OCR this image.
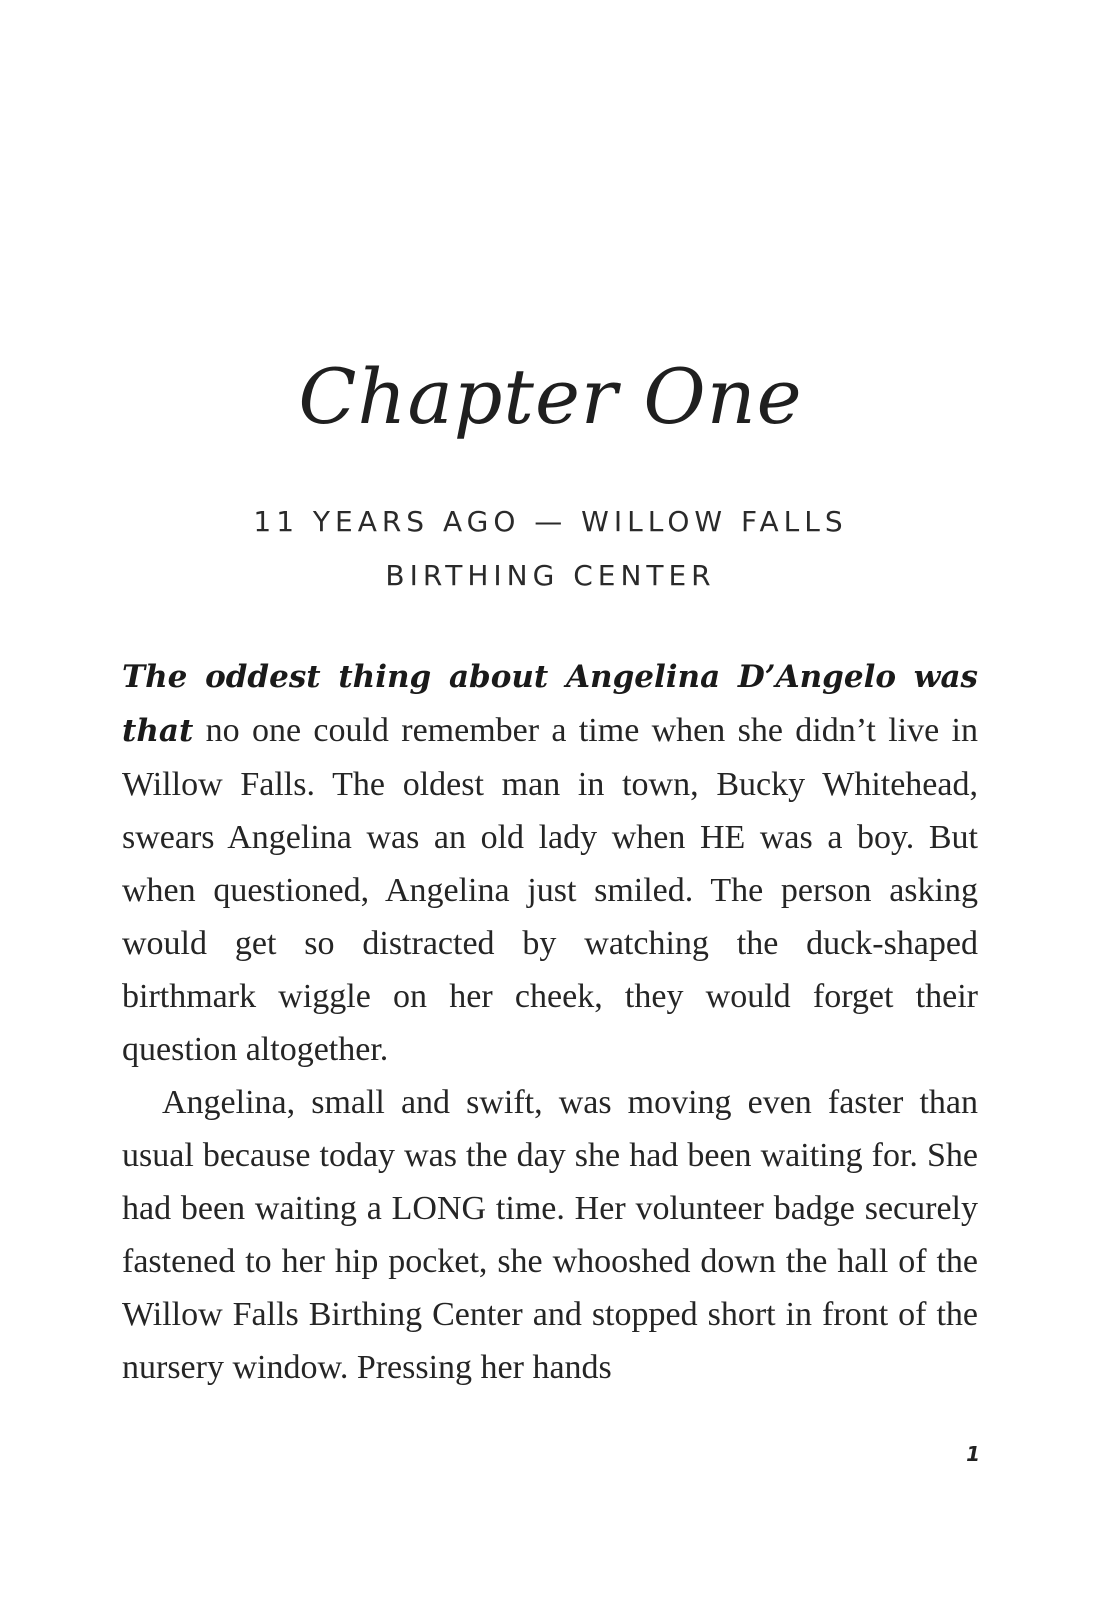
Chapter One
11 YEARS AGO — WILLOW FALLS
BIRTHING CENTER

The oddest thing about Angelina D’Angelo was that no one could remember a time when she didn’t live in Willow Falls. The oldest man in town, Bucky Whitehead, swears Angelina was an old lady when HE was a boy. But when questioned, Angelina just smiled. The person asking would get so distracted by watching the duck-shaped birthmark wiggle on her cheek, they would forget their question altogether.

Angelina, small and swift, was moving even faster than usual because today was the day she had been waiting for. She had been waiting a LONG time. Her volunteer badge securely fastened to her hip pocket, she whooshed down the hall of the Willow Falls Birthing Center and stopped short in front of the nursery window. Pressing her hands

1
